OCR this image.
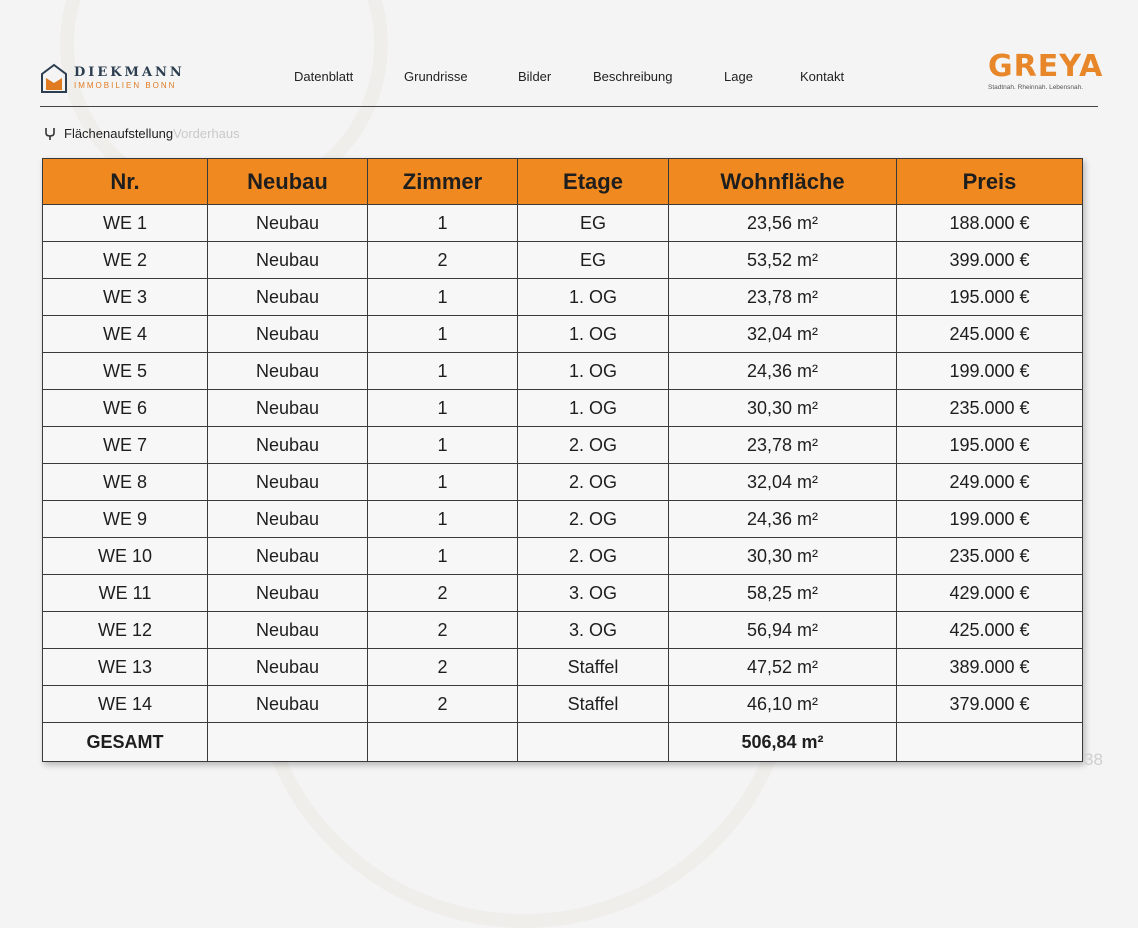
DIEKMANN
IMMOBILIEN BONN
Datenblatt	Grundrisse	Bilder	Beschreibung	Lage	Kontakt	GREYA
Stadtnah. Rheinnah. Lebensnah.
Flächenaufstellung Vorderhaus
Nr.	Neubau	Zimmer	Etage	Wohnfläche	Preis
WE 1	Neubau	1	EG	23,56 m²	188.000 €
WE 2	Neubau	2	EG	53,52 m²	399.000 €
WE 3	Neubau	1	1. OG	23,78 m²	195.000 €
WE 4	Neubau	1	1. OG	32,04 m²	245.000 €
WE 5	Neubau	1	1. OG	24,36 m²	199.000 €
WE 6	Neubau	1	1. OG	30,30 m²	235.000 €
WE 7	Neubau	1	2. OG	23,78 m²	195.000 €
WE 8	Neubau	1	2. OG	32,04 m²	249.000 €
WE 9	Neubau	1	2. OG	24,36 m²	199.000 €
WE 10	Neubau	1	2. OG	30,30 m²	235.000 €
WE 11	Neubau	2	3. OG	58,25 m²	429.000 €
WE 12	Neubau	2	3. OG	56,94 m²	425.000 €
WE 13	Neubau	2	Staffel	47,52 m²	389.000 €
WE 14	Neubau	2	Staffel	46,10 m²	379.000 €
GESAMT				506,84 m²	
38
